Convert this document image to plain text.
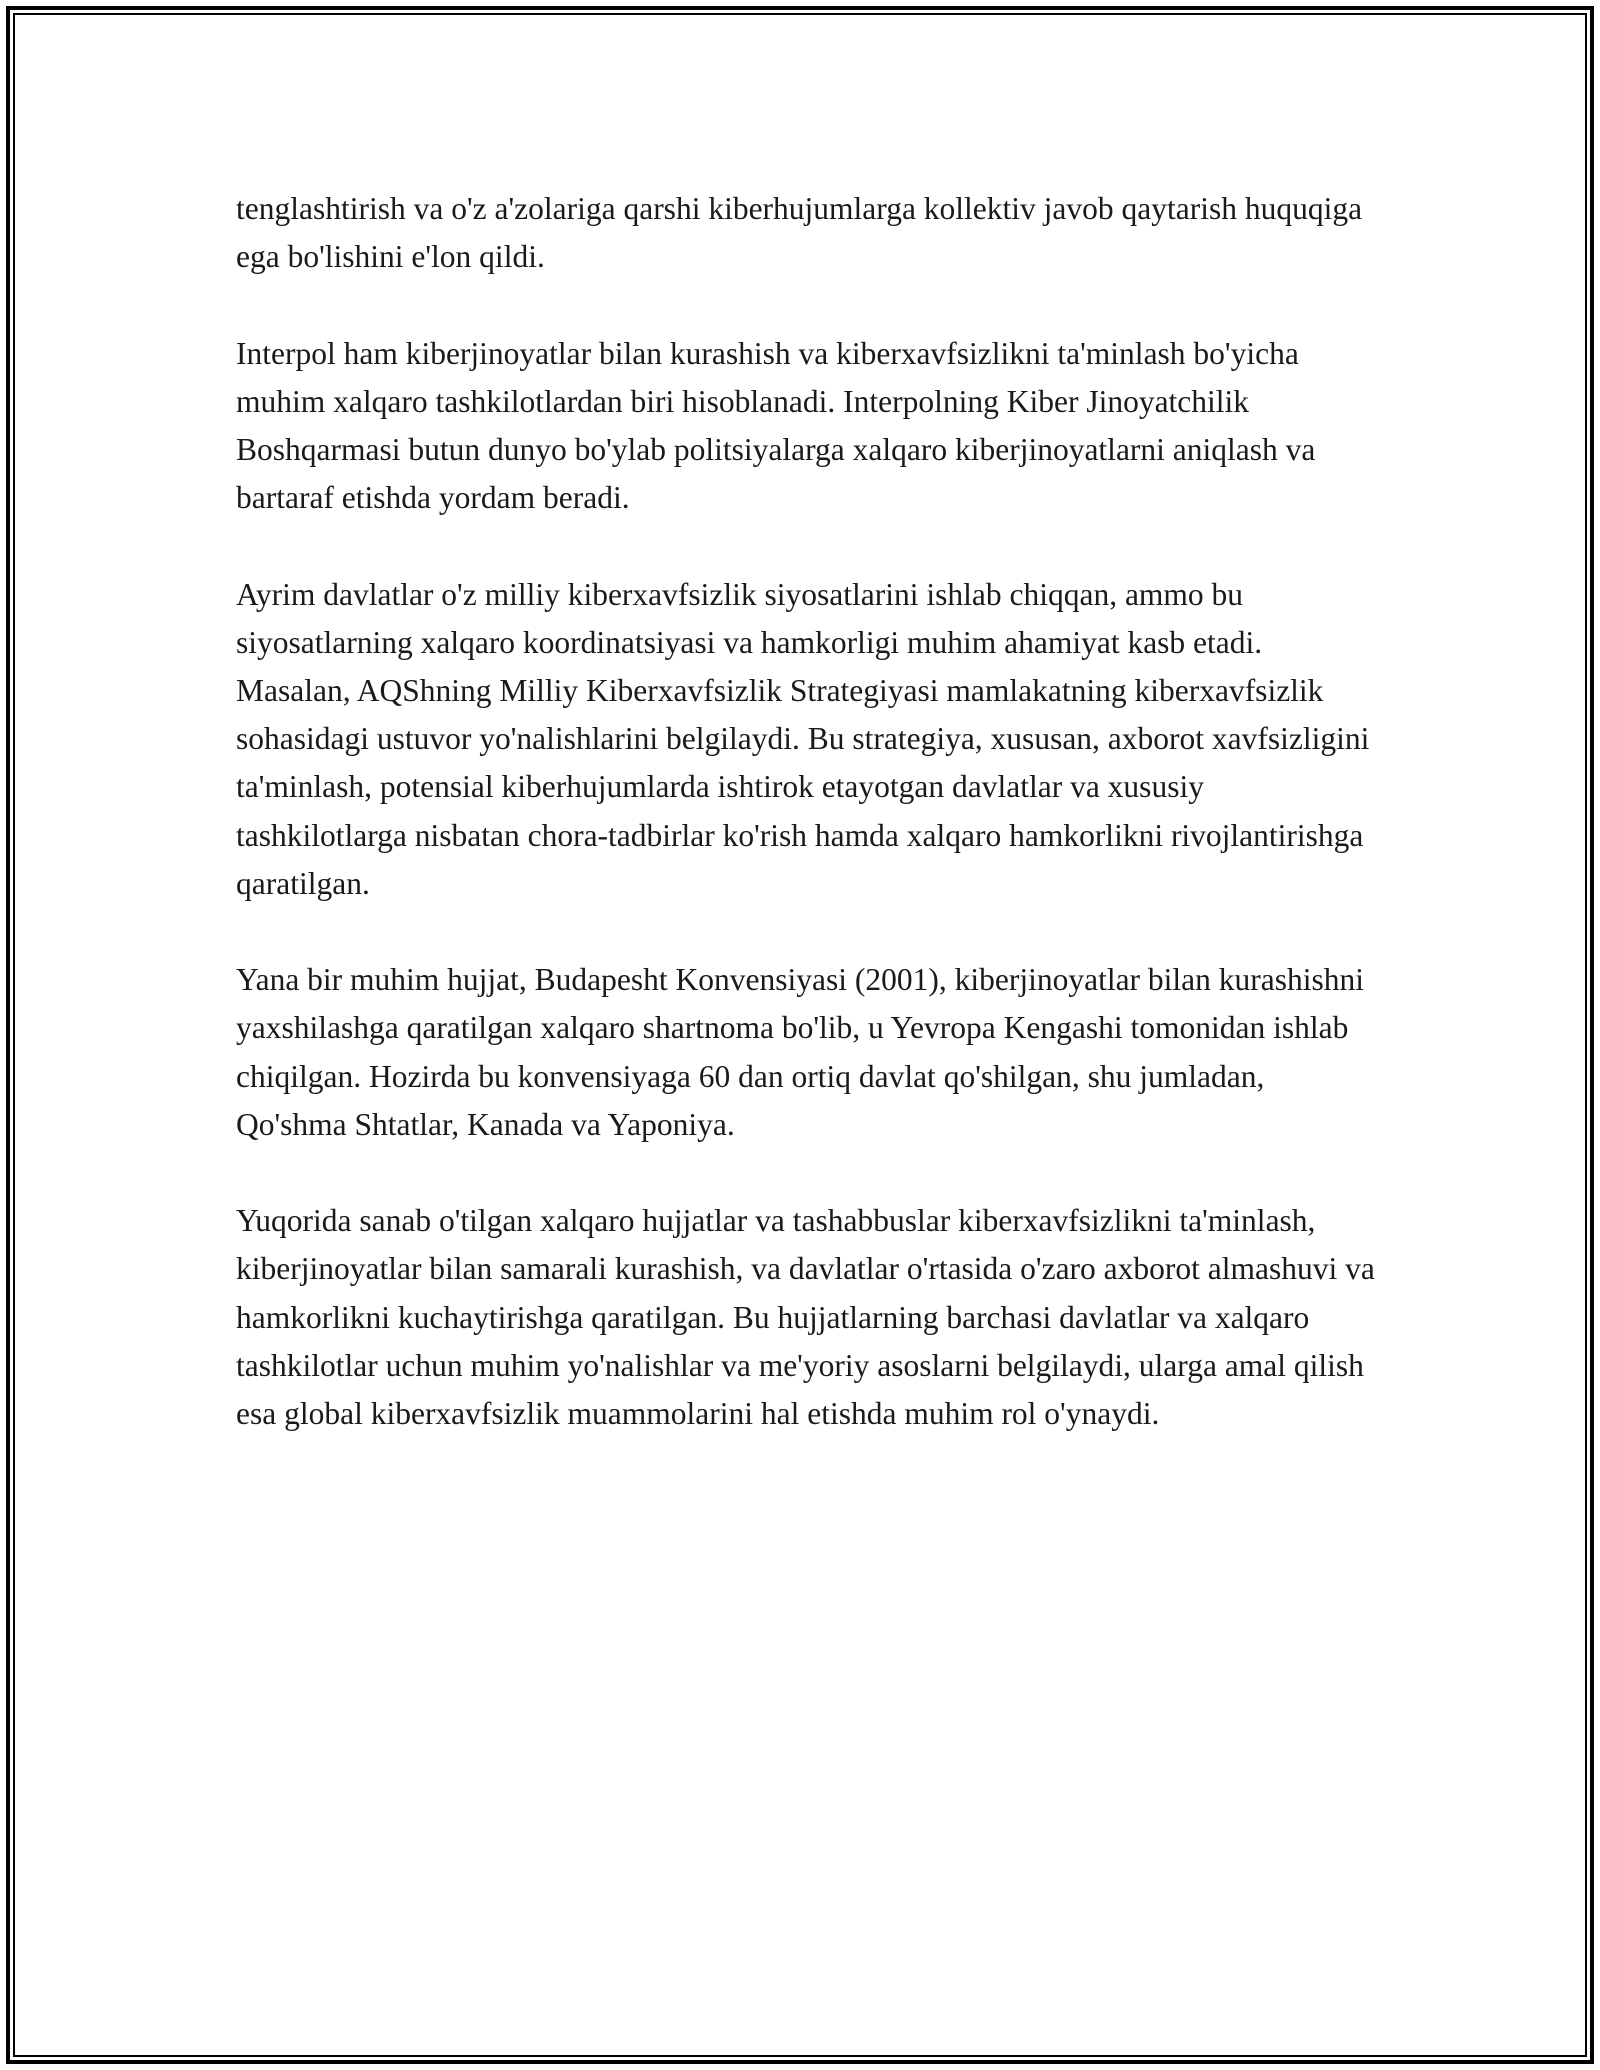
tenglashtirish va o'z a'zolariga qarshi kiberhujumlarga kollektiv javob qaytarish huquqiga ega bo'lishini e'lon qildi.

Interpol ham kiberjinoyatlar bilan kurashish va kiberxavfsizlikni ta'minlash bo'yicha muhim xalqaro tashkilotlardan biri hisoblanadi. Interpolning Kiber Jinoyatchilik Boshqarmasi butun dunyo bo'ylab politsiyalarga xalqaro kiberjinoyatlarni aniqlash va bartaraf etishda yordam beradi.

Ayrim davlatlar o'z milliy kiberxavfsizlik siyosatlarini ishlab chiqqan, ammo bu siyosatlarning xalqaro koordinatsiyasi va hamkorligi muhim ahamiyat kasb etadi. Masalan, AQShning Milliy Kiberxavfsizlik Strategiyasi mamlakatning kiberxavfsizlik sohasidagi ustuvor yo'nalishlarini belgilaydi. Bu strategiya, xususan, axborot xavfsizligini ta'minlash, potensial kiberhujumlarda ishtirok etayotgan davlatlar va xususiy tashkilotlarga nisbatan chora-tadbirlar ko'rish hamda xalqaro hamkorlikni rivojlantirishga qaratilgan.

Yana bir muhim hujjat, Budapesht Konvensiyasi (2001), kiberjinoyatlar bilan kurashishni yaxshilashga qaratilgan xalqaro shartnoma bo'lib, u Yevropa Kengashi tomonidan ishlab chiqilgan. Hozirda bu konvensiyaga 60 dan ortiq davlat qo'shilgan, shu jumladan, Qo'shma Shtatlar, Kanada va Yaponiya.

Yuqorida sanab o'tilgan xalqaro hujjatlar va tashabbuslar kiberxavfsizlikni ta'minlash, kiberjinoyatlar bilan samarali kurashish, va davlatlar o'rtasida o'zaro axborot almashuvi va hamkorlikni kuchaytirishga qaratilgan. Bu hujjatlarning barchasi davlatlar va xalqaro tashkilotlar uchun muhim yo'nalishlar va me'yoriy asoslarni belgilaydi, ularga amal qilish esa global kiberxavfsizlik muammolarini hal etishda muhim rol o'ynaydi.
